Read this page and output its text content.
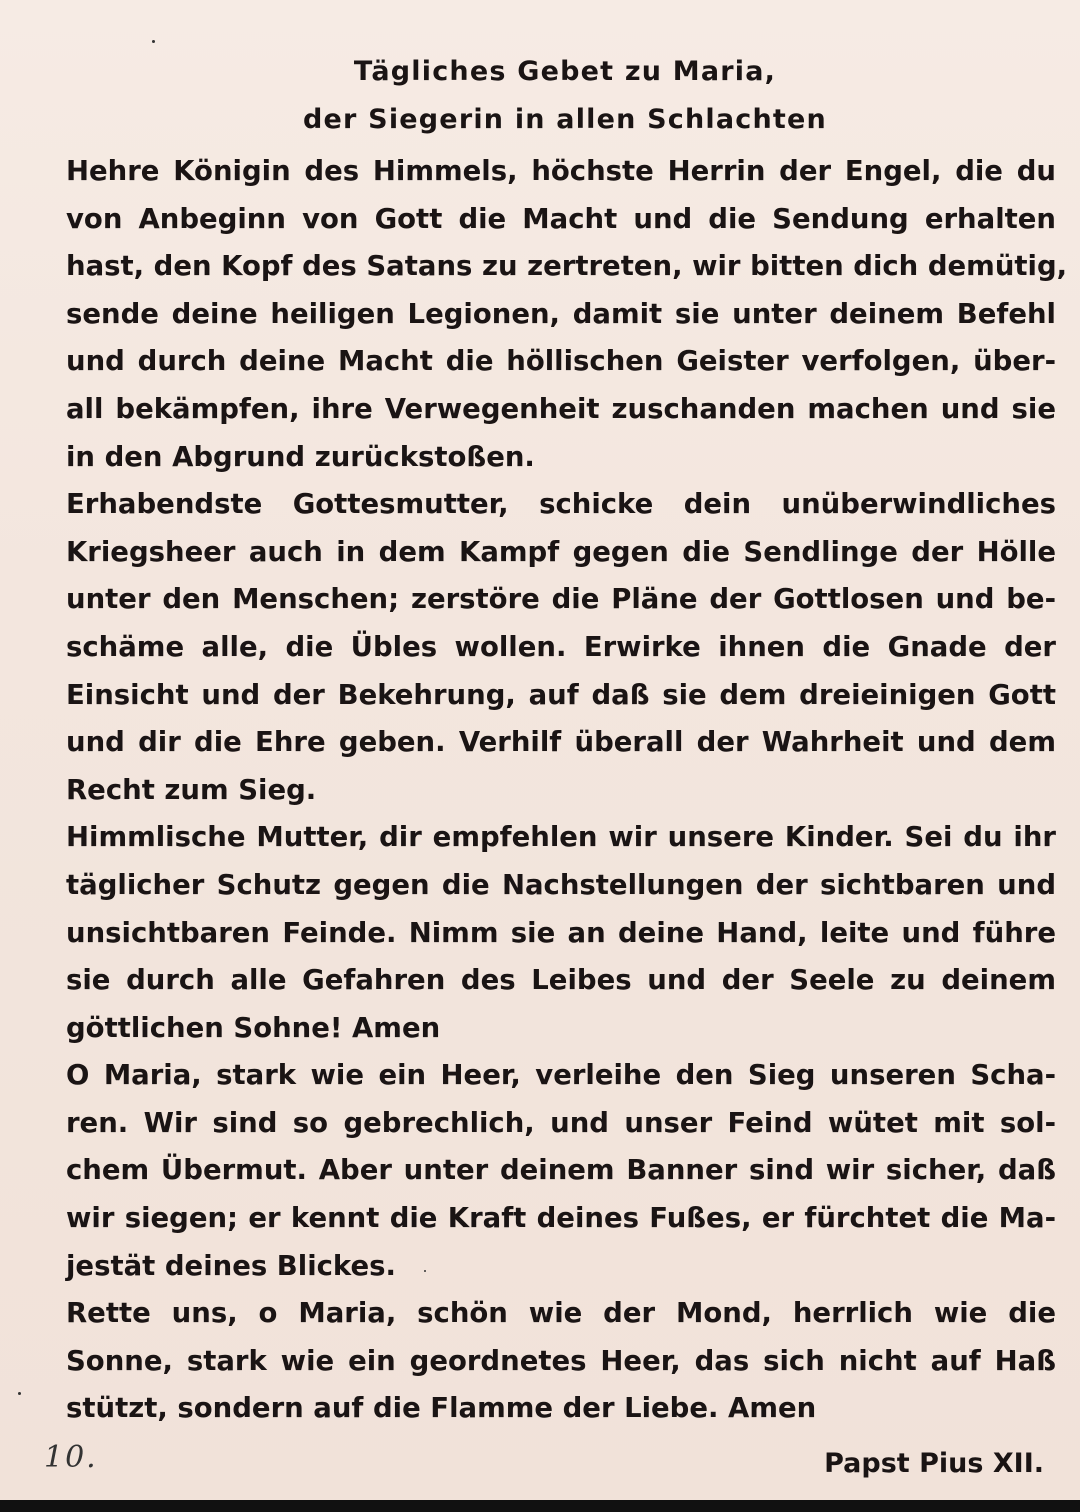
Tägliches Gebet zu Maria,
der Siegerin in allen Schlachten
Hehre Königin des Himmels, höchste Herrin der Engel, die du
von Anbeginn von Gott die Macht und die Sendung erhalten
hast, den Kopf des Satans zu zertreten, wir bitten dich demütig,
sende deine heiligen Legionen, damit sie unter deinem Befehl
und durch deine Macht die höllischen Geister verfolgen, über-
all bekämpfen, ihre Verwegenheit zuschanden machen und sie
in den Abgrund zurückstoßen.
Erhabendste Gottesmutter, schicke dein unüberwindliches
Kriegsheer auch in dem Kampf gegen die Sendlinge der Hölle
unter den Menschen; zerstöre die Pläne der Gottlosen und be-
schäme alle, die Übles wollen. Erwirke ihnen die Gnade der
Einsicht und der Bekehrung, auf daß sie dem dreieinigen Gott
und dir die Ehre geben. Verhilf überall der Wahrheit und dem
Recht zum Sieg.
Himmlische Mutter, dir empfehlen wir unsere Kinder. Sei du ihr
täglicher Schutz gegen die Nachstellungen der sichtbaren und
unsichtbaren Feinde. Nimm sie an deine Hand, leite und führe
sie durch alle Gefahren des Leibes und der Seele zu deinem
göttlichen Sohne! Amen
O Maria, stark wie ein Heer, verleihe den Sieg unseren Scha-
ren. Wir sind so gebrechlich, und unser Feind wütet mit sol-
chem Übermut. Aber unter deinem Banner sind wir sicher, daß
wir siegen; er kennt die Kraft deines Fußes, er fürchtet die Ma-
jestät deines Blickes.
Rette uns, o Maria, schön wie der Mond, herrlich wie die
Sonne, stark wie ein geordnetes Heer, das sich nicht auf Haß
stützt, sondern auf die Flamme der Liebe. Amen
10.	Papst Pius XII.
